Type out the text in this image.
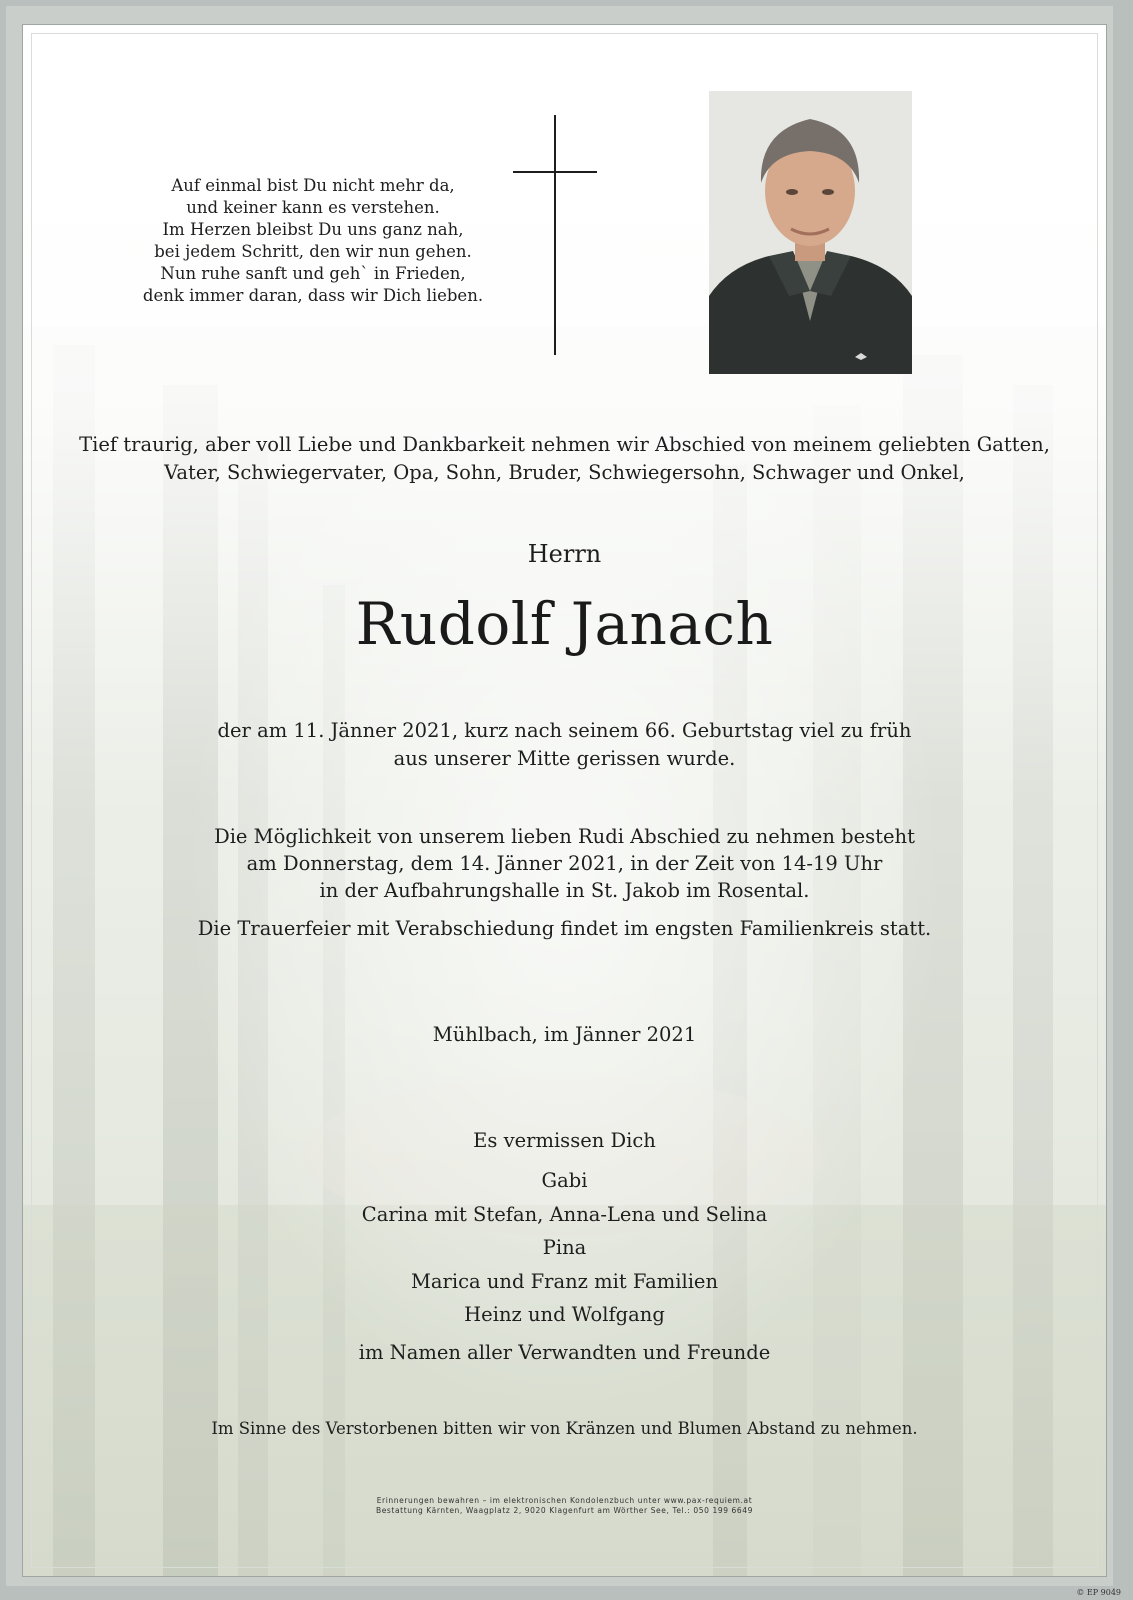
Auf einmal bist Du nicht mehr da,
und keiner kann es verstehen.
Im Herzen bleibst Du uns ganz nah,
bei jedem Schritt, den wir nun gehen.
Nun ruhe sanft und geh` in Frieden,
denk immer daran, dass wir Dich lieben.
Tief traurig, aber voll Liebe und Dankbarkeit nehmen wir Abschied von meinem geliebten Gatten,
Vater, Schwiegervater, Opa, Sohn, Bruder, Schwiegersohn, Schwager und Onkel,
Herrn
Rudolf Janach
der am 11. Jänner 2021, kurz nach seinem 66. Geburtstag viel zu früh
aus unserer Mitte gerissen wurde.
Die Möglichkeit von unserem lieben Rudi Abschied zu nehmen besteht
am Donnerstag, dem 14. Jänner 2021, in der Zeit von 14-19 Uhr
in der Aufbahrungshalle in St. Jakob im Rosental.
Die Trauerfeier mit Verabschiedung findet im engsten Familienkreis statt.
Mühlbach, im Jänner 2021
Es vermissen Dich
Gabi
Carina mit Stefan, Anna-Lena und Selina
Pina
Marica und Franz mit Familien
Heinz und Wolfgang
im Namen aller Verwandten und Freunde
Im Sinne des Verstorbenen bitten wir von Kränzen und Blumen Abstand zu nehmen.
Erinnerungen bewahren – im elektronischen Kondolenzbuch unter www.pax-requiem.at
Bestattung Kärnten, Waagplatz 2, 9020 Klagenfurt am Wörther See, Tel.: 050 199 6649
© EP 9049
